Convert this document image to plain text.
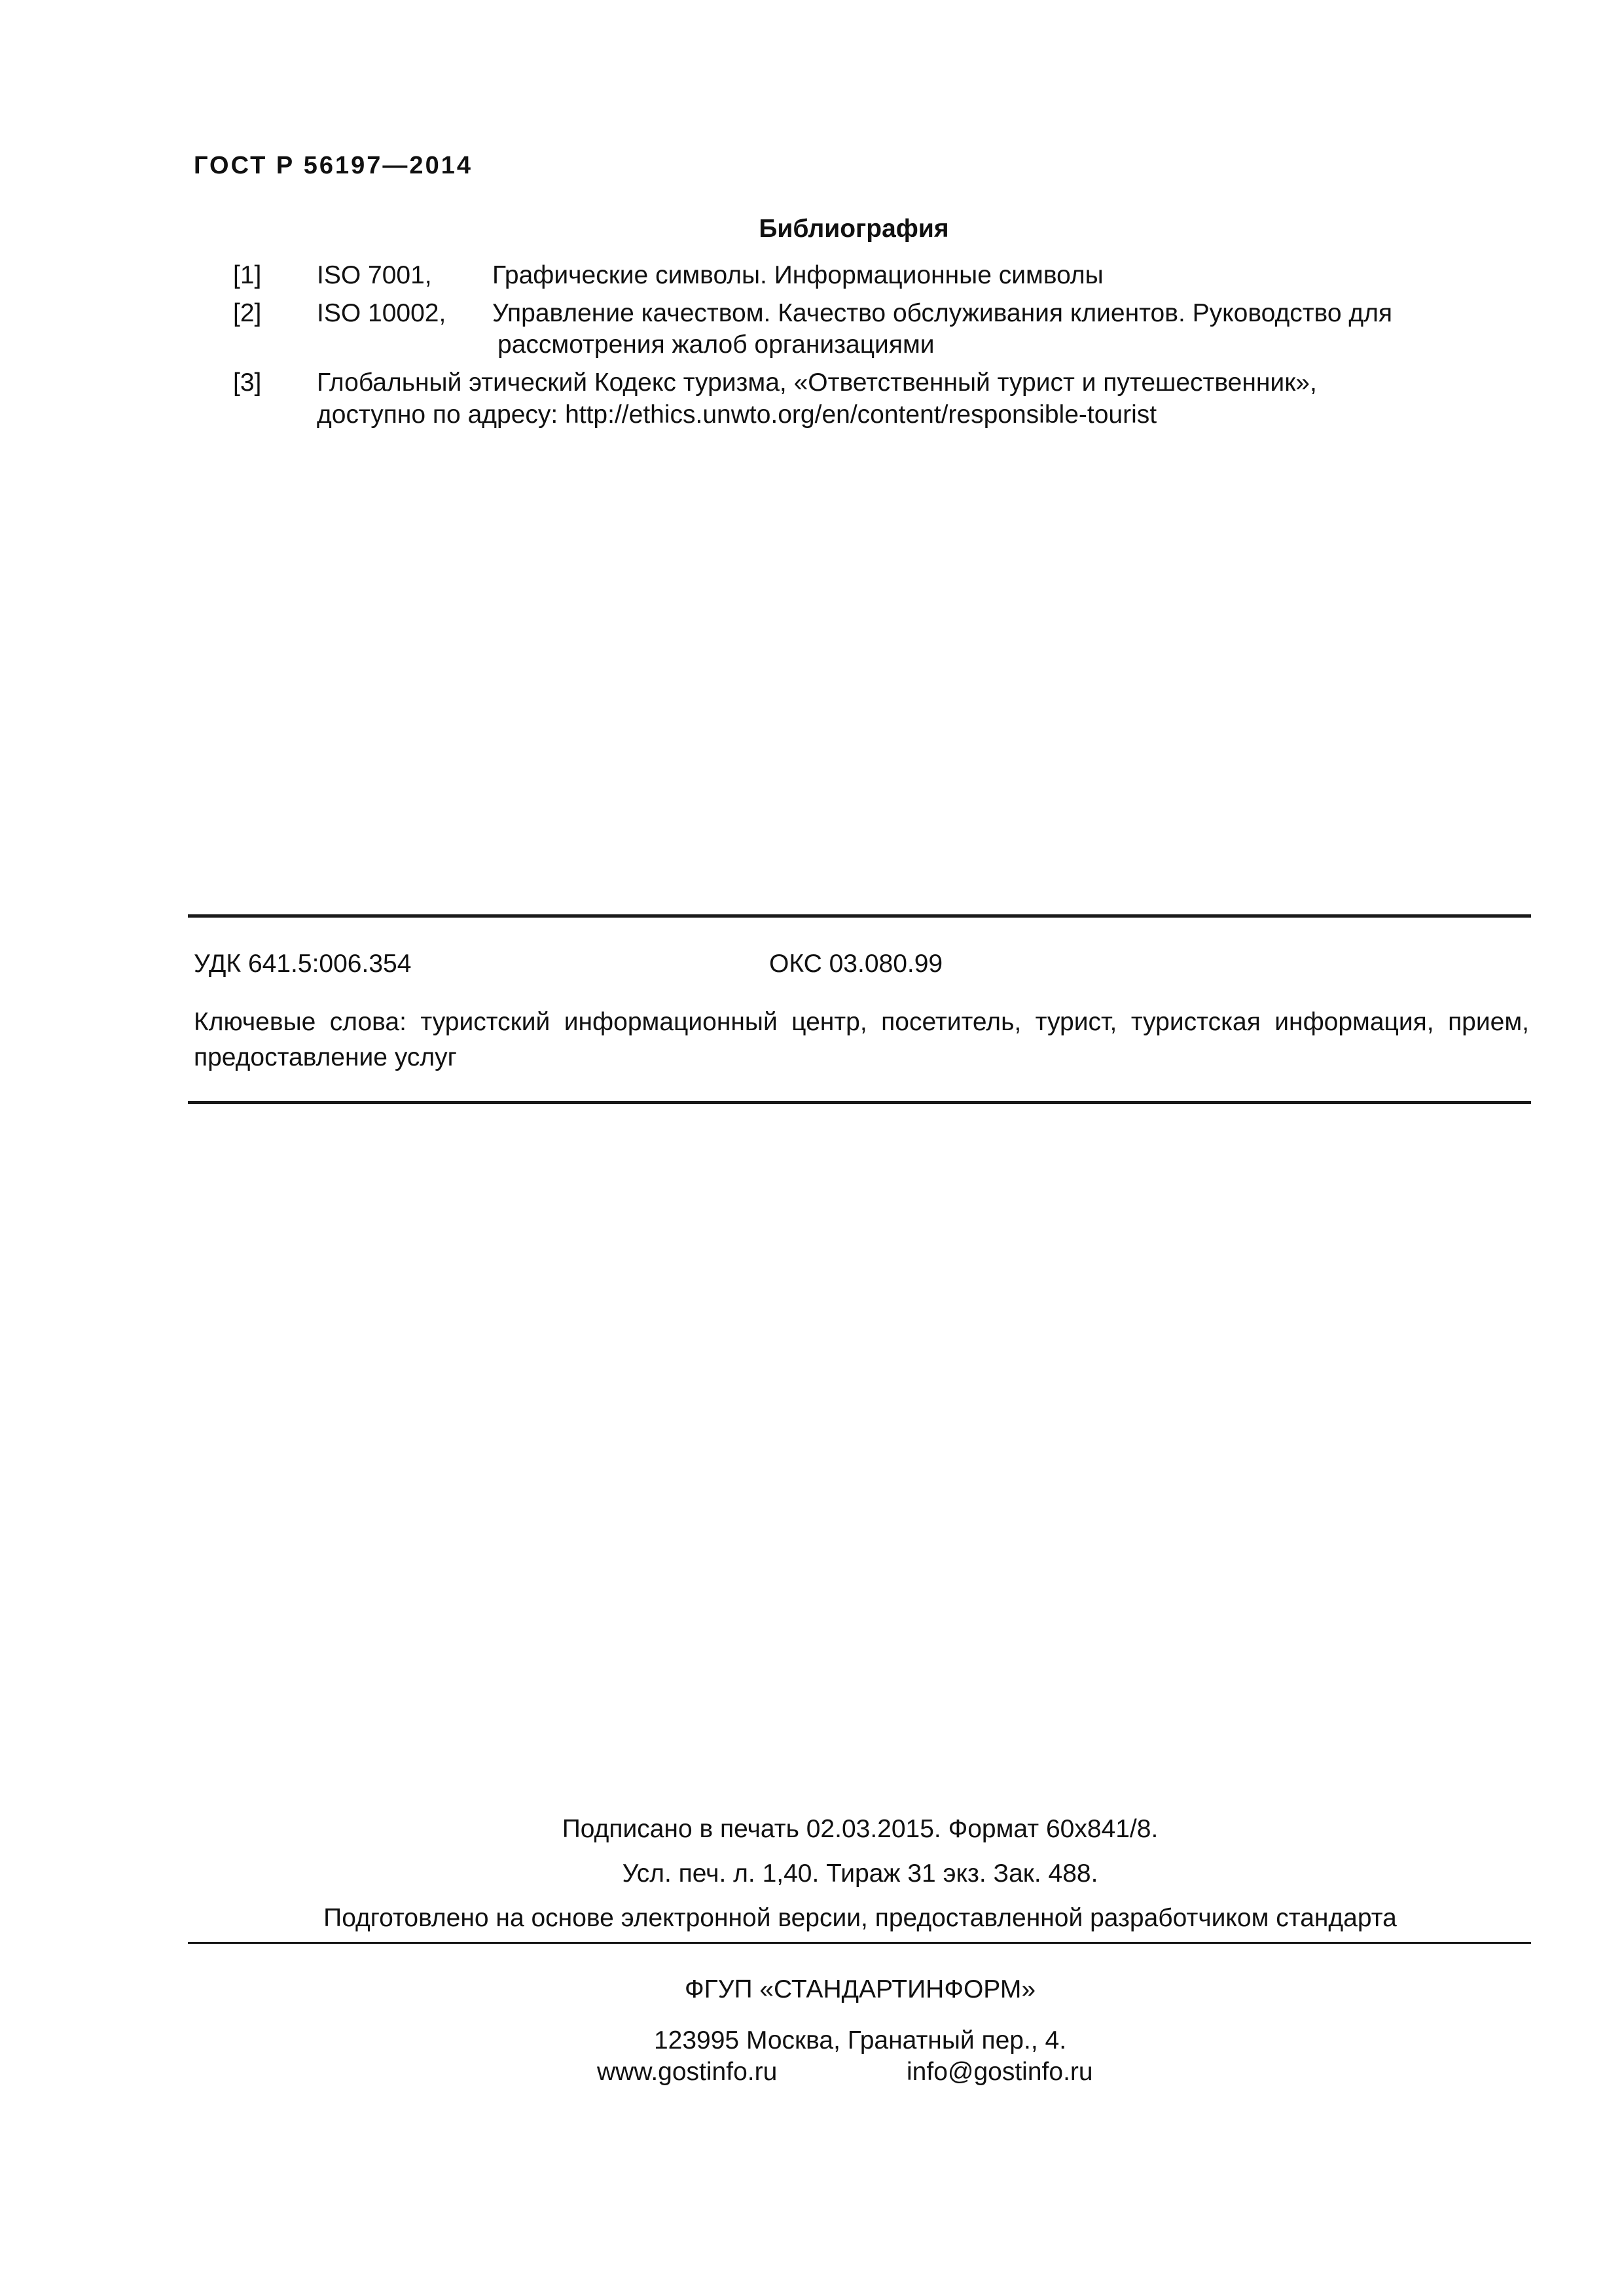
ГОСТ Р 56197—2014
Библиография
[1] ISO 7001, Графические символы. Информационные символы
[2] ISO 10002, Управление качеством. Качество обслуживания клиентов. Руководство для
рассмотрения жалоб организациями
[3] Глобальный этический Кодекс туризма, «Ответственный турист и путешественник»,
доступно по адресу: http://ethics.unwto.org/en/content/responsible-tourist
УДК 641.5:006.354	ОКС 03.080.99
Ключевые слова: туристский информационный центр, посетитель, турист, туристская информация, прием, предоставление услуг
Подписано в печать 02.03.2015. Формат 60x841/8.
Усл. печ. л. 1,40. Тираж 31 экз. Зак. 488.
Подготовлено на основе электронной версии, предоставленной разработчиком стандарта
ФГУП «СТАНДАРТИНФОРМ»
123995 Москва, Гранатный пер., 4.
www.gostinfo.ru	info@gostinfo.ru
